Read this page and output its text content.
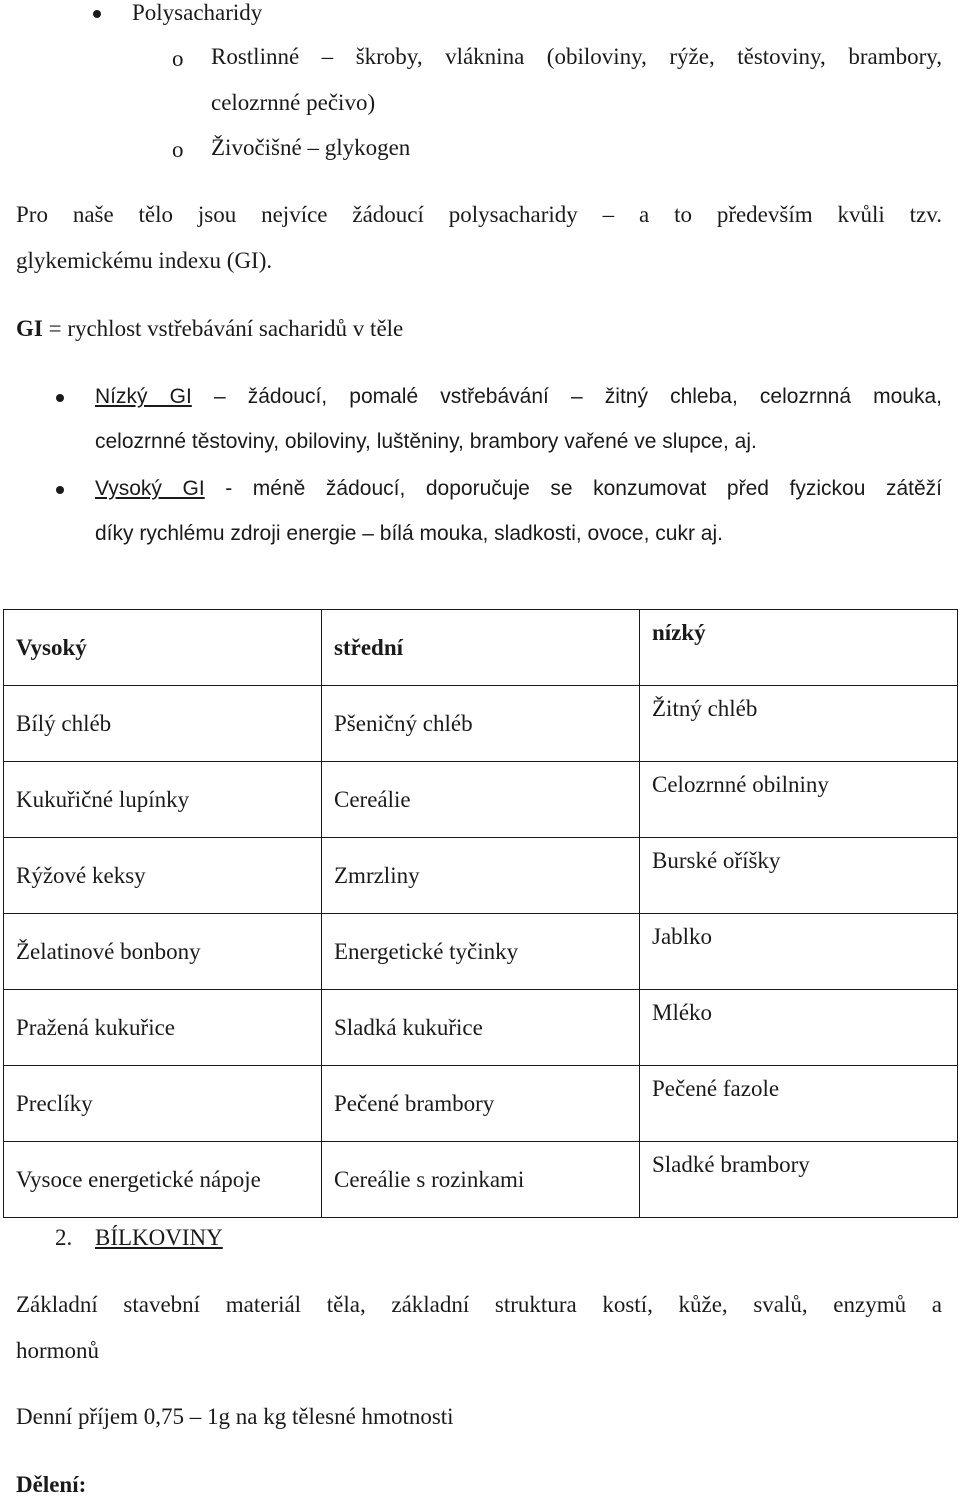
Polysacharidy
o Rostlinné – škroby, vláknina (obiloviny, rýže, těstoviny, brambory,
celozrnné pečivo)
o Živočišné – glykogen
Pro naše tělo jsou nejvíce žádoucí polysacharidy – a to především kvůli tzv.
glykemickému indexu (GI).
GI = rychlost vstřebávání sacharidů v těle
Nízký GI – žádoucí, pomalé vstřebávání – žitný chleba, celozrnná mouka,
celozrnné těstoviny, obiloviny, luštěniny, brambory vařené ve slupce, aj.
Vysoký GI - méně žádoucí, doporučuje se konzumovat před fyzickou zátěží
díky rychlému zdroji energie – bílá mouka, sladkosti, ovoce, cukr aj.
Vysoký	střední	nízký
Bílý chléb	Pšeničný chléb	Žitný chléb
Kukuřičné lupínky	Cereálie	Celozrnné obilniny
Rýžové keksy	Zmrzliny	Burské oříšky
Želatinové bonbony	Energetické tyčinky	Jablko
Pražená kukuřice	Sladká kukuřice	Mléko
Preclíky	Pečené brambory	Pečené fazole
Vysoce energetické nápoje	Cereálie s rozinkami	Sladké brambory
2. BÍLKOVINY
Základní stavební materiál těla, základní struktura kostí, kůže, svalů, enzymů a
hormonů
Denní příjem 0,75 – 1g na kg tělesné hmotnosti
Dělení:
